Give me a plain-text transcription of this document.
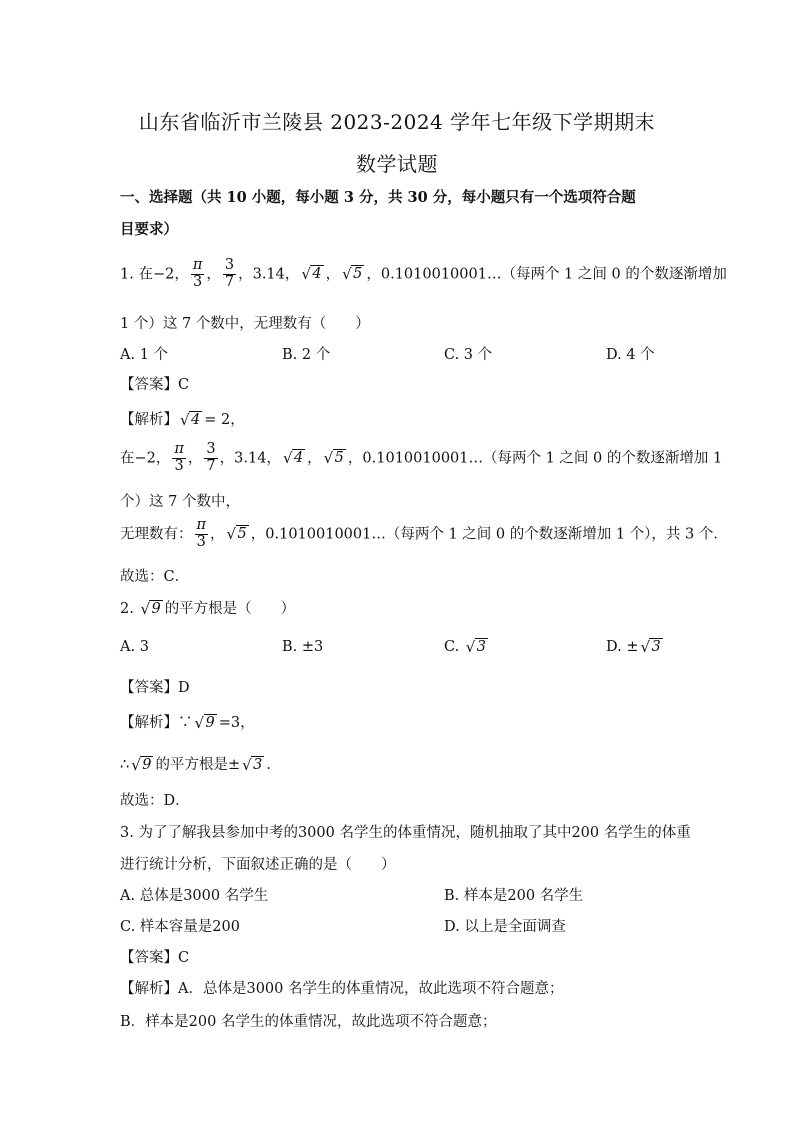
山东省临沂市兰陵县 2023-2024 学年七年级下学期期末
数学试题
一、选择题（共 10 小题，每小题 3 分，共 30 分，每小题只有一个选项符合题
目要求）
1. 在−2， $\frac{\pi}{3}$ ， $\frac{3}{7}$ ，3.14， √ 4 ， √ 5 ，0.1010010001…（每两个 1 之间 0 的个数逐渐增加
1 个）这 7 个数中，无理数有（　　）
A. 1 个	B. 2 个	C. 3 个	D. 4 个
【答案】C
【解析】 √ 4 = 2，
在−2， $\frac{\pi}{3}$ ， $\frac{3}{7}$ ，3.14， √ 4 ， √ 5 ，0.1010010001…（每两个 1 之间 0 的个数逐渐增加 1
个）这 7 个数中，
无理数有： $\frac{\pi}{3}$ ， √ 5 ，0.1010010001…（每两个 1 之间 0 的个数逐渐增加 1 个），共 3 个．
故选：C．
2. √ 9 的平方根是（　　）
A. 3	B. ±3	C. √ 3	D. ± √ 3
【答案】D
【解析】∵ √ 9 =3，
∴ √ 9 的平方根是± √ 3 ．
故选：D．
3. 为了了解我县参加中考的3000 名学生的体重情况，随机抽取了其中200 名学生的体重
进行统计分析，下面叙述正确的是（　　）
A. 总体是3000 名学生	B. 样本是200 名学生
C. 样本容量是200	D. 以上是全面调查
【答案】C
【解析】A．总体是3000 名学生的体重情况，故此选项不符合题意；
B．样本是200 名学生的体重情况，故此选项不符合题意；
